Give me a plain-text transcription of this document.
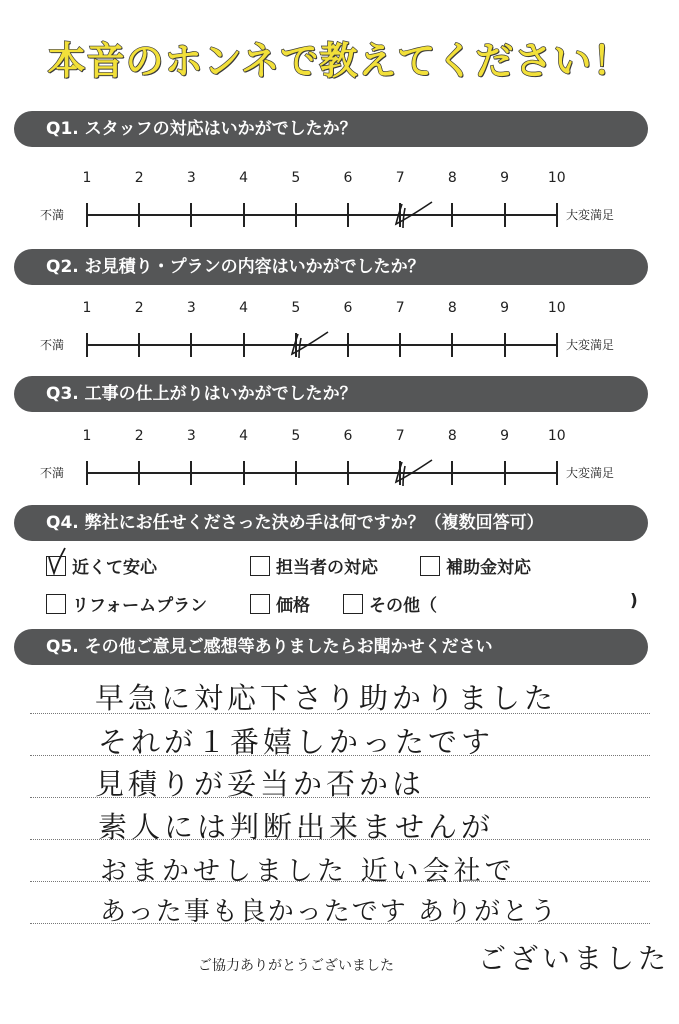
本音のホンネで教えてください！
Q1. スタッフの対応はいかがでしたか？
不満	大変満足
1	2	3	4	5	6	7	8	9	10
Q2. お見積り・プランの内容はいかがでしたか？
不満	大変満足
1	2	3	4	5	6	7	8	9	10
Q3. 工事の仕上がりはいかがでしたか？
不満	大変満足
1	2	3	4	5	6	7	8	9	10
Q4. 弊社にお任せくださった決め手は何ですか？（複数回答可）
近くて安心	担当者の対応	補助金対応
リフォームプラン	価格	その他（	)
Q5. その他ご意見ご感想等ありましたらお聞かせください
早急に対応下さり助かりました
それが１番嬉しかったです
見積りが妥当か否かは
素人には判断出来ませんが
おまかせしました 近い会社で
あった事も良かったです ありがとう
ございました
ご協力ありがとうございました
